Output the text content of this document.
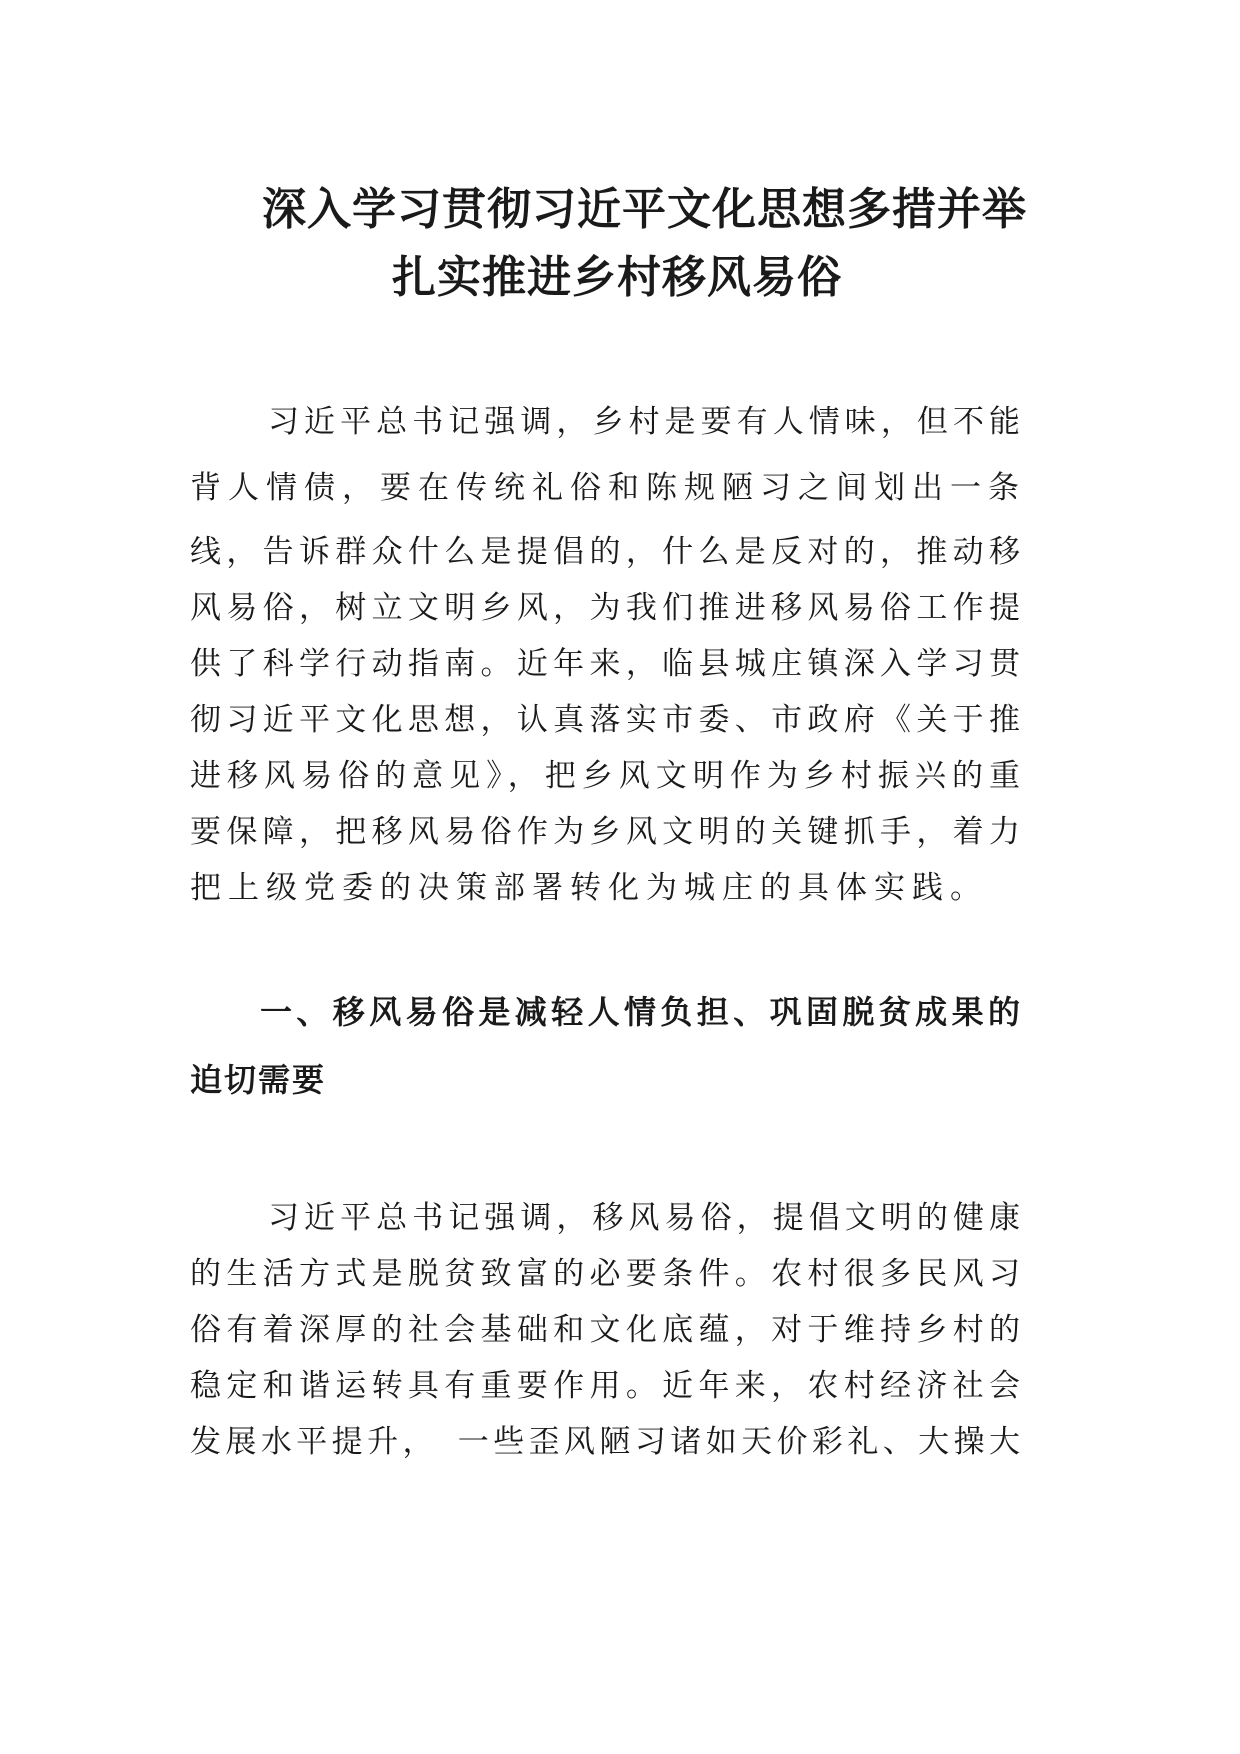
深入学习贯彻习近平文化思想多措并举
扎实推进乡村移风易俗
习近平总书记强调，乡村是要有人情味，但不能
背人情债，要在传统礼俗和陈规陋习之间划出一条
线，告诉群众什么是提倡的，什么是反对的，推动移
风易俗，树立文明乡风，为我们推进移风易俗工作提
供了科学行动指南。近年来，临县城庄镇深入学习贯
彻习近平文化思想，认真落实市委、市政府《关于推
进移风易俗的意见》，把乡风文明作为乡村振兴的重
要保障，把移风易俗作为乡风文明的关键抓手，着力
把上级党委的决策部署转化为城庄的具体实践。
一、移风易俗是减轻人情负担、巩固脱贫成果的
迫切需要
习近平总书记强调，移风易俗，提倡文明的健康
的生活方式是脱贫致富的必要条件。农村很多民风习
俗有着深厚的社会基础和文化底蕴，对于维持乡村的
稳定和谐运转具有重要作用。近年来，农村经济社会
发展水平提升，　一些歪风陋习诸如天价彩礼、大操大
